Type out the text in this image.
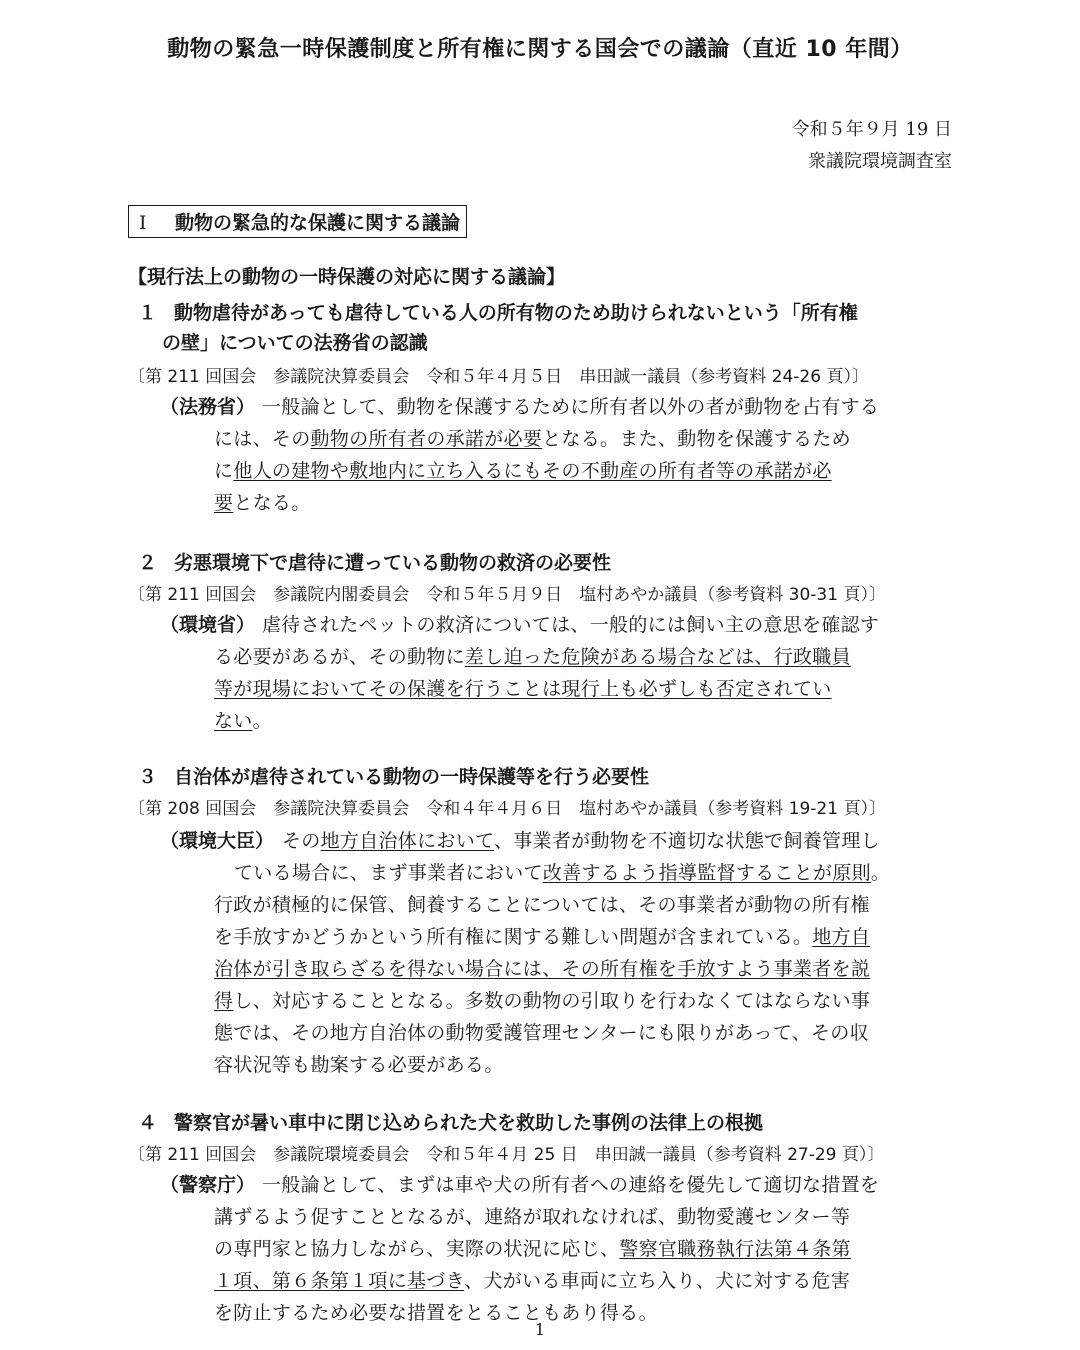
動物の緊急一時保護制度と所有権に関する国会での議論（直近 10 年間）
令和５年９月 19 日
衆議院環境調査室
Ⅰ 動物の緊急的な保護に関する議論
【現行法上の動物の一時保護の対応に関する議論】
１ 動物虐待があっても虐待している人の所有物のため助けられないという「所有権
の壁」についての法務省の認識
〔第 211 回国会　参議院決算委員会　令和５年４月５日　串田誠一議員（参考資料 24-26 頁）〕
（法務省） 一般論として、動物を保護するために所有者以外の者が動物を占有する
には、その動物の所有者の承諾が必要となる。また、動物を保護するため
に他人の建物や敷地内に立ち入るにもその不動産の所有者等の承諾が必
要となる。
２ 劣悪環境下で虐待に遭っている動物の救済の必要性
〔第 211 回国会　参議院内閣委員会　令和５年５月９日　塩村あやか議員（参考資料 30-31 頁）〕
（環境省） 虐待されたペットの救済については、一般的には飼い主の意思を確認す
る必要があるが、その動物に差し迫った危険がある場合などは、行政職員
等が現場においてその保護を行うことは現行上も必ずしも否定されてい
ない。
３ 自治体が虐待されている動物の一時保護等を行う必要性
〔第 208 回国会　参議院決算委員会　令和４年４月６日　塩村あやか議員（参考資料 19-21 頁）〕
（環境大臣） その地方自治体において、事業者が動物を不適切な状態で飼養管理し
ている場合に、まず事業者において改善するよう指導監督することが原則。
行政が積極的に保管、飼養することについては、その事業者が動物の所有権
を手放すかどうかという所有権に関する難しい問題が含まれている。地方自
治体が引き取らざるを得ない場合には、その所有権を手放すよう事業者を説
得し、対応することとなる。多数の動物の引取りを行わなくてはならない事
態では、その地方自治体の動物愛護管理センターにも限りがあって、その収
容状況等も勘案する必要がある。
４ 警察官が暑い車中に閉じ込められた犬を救助した事例の法律上の根拠
〔第 211 回国会　参議院環境委員会　令和５年４月 25 日　串田誠一議員（参考資料 27-29 頁）〕
（警察庁） 一般論として、まずは車や犬の所有者への連絡を優先して適切な措置を
講ずるよう促すこととなるが、連絡が取れなければ、動物愛護センター等
の専門家と協力しながら、実際の状況に応じ、警察官職務執行法第４条第
１項、第６条第１項に基づき、犬がいる車両に立ち入り、犬に対する危害
を防止するため必要な措置をとることもあり得る。
1
